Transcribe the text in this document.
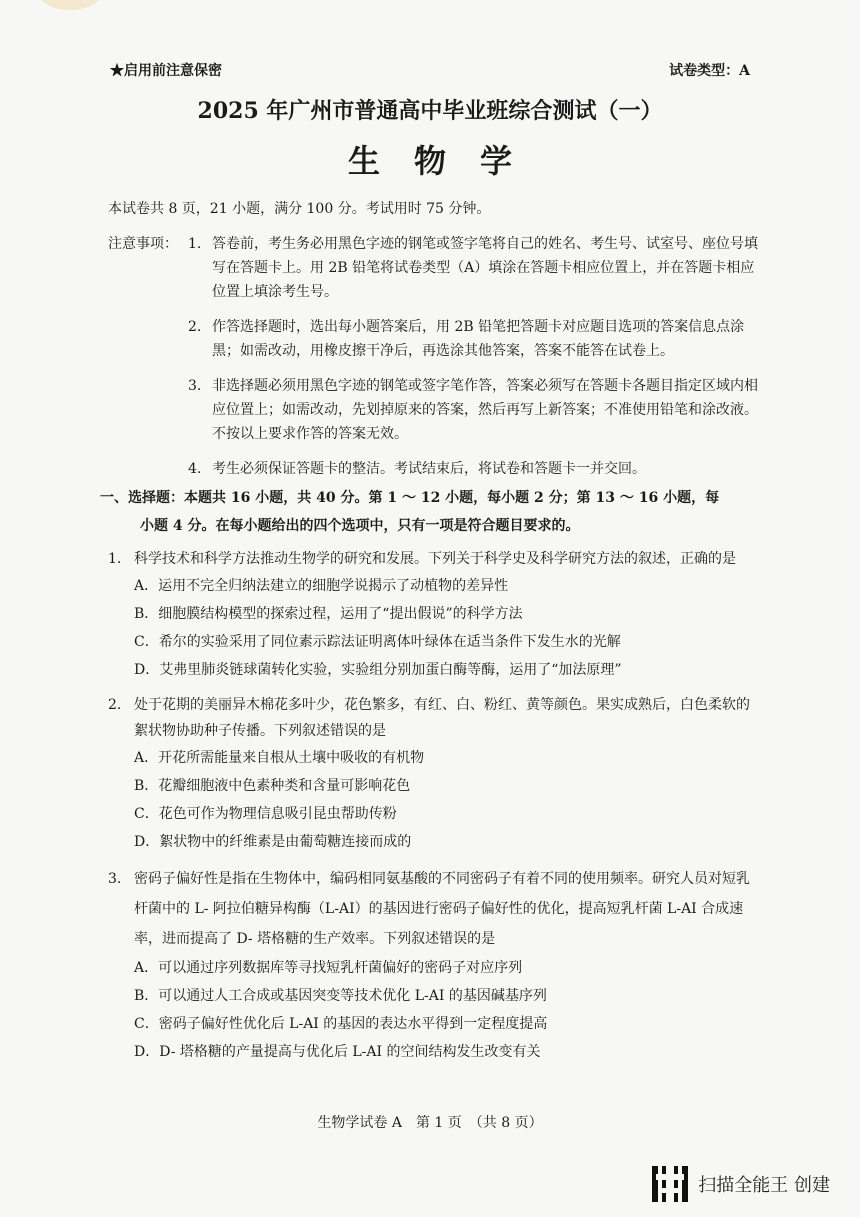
★启用前注意保密	试卷类型：A
2025 年广州市普通高中毕业班综合测试（一）
生物学
本试卷共 8 页，21 小题，满分 100 分。考试用时 75 分钟。
注意事项： 1. 答卷前，考生务必用黑色字迹的钢笔或签字笔将自己的姓名、考生号、试室号、座位号填写在答题卡上。用 2B 铅笔将试卷类型（A）填涂在答题卡相应位置上，并在答题卡相应位置上填涂考生号。
2. 作答选择题时，选出每小题答案后，用 2B 铅笔把答题卡对应题目选项的答案信息点涂黑；如需改动，用橡皮擦干净后，再选涂其他答案，答案不能答在试卷上。
3. 非选择题必须用黑色字迹的钢笔或签字笔作答，答案必须写在答题卡各题目指定区域内相应位置上；如需改动，先划掉原来的答案，然后再写上新答案；不准使用铅笔和涂改液。不按以上要求作答的答案无效。
4. 考生必须保证答题卡的整洁。考试结束后，将试卷和答题卡一并交回。
一、选择题：本题共 16 小题，共 40 分。第 1 ～ 12 小题，每小题 2 分；第 13 ～ 16 小题，每
小题 4 分。在每小题给出的四个选项中，只有一项是符合题目要求的。
1. 科学技术和科学方法推动生物学的研究和发展。下列关于科学史及科学研究方法的叙述，正确的是
A．运用不完全归纳法建立的细胞学说揭示了动植物的差异性
B．细胞膜结构模型的探索过程，运用了“提出假说”的科学方法
C．希尔的实验采用了同位素示踪法证明离体叶绿体在适当条件下发生水的光解
D．艾弗里肺炎链球菌转化实验，实验组分别加蛋白酶等酶，运用了“加法原理”
2. 处于花期的美丽异木棉花多叶少，花色繁多，有红、白、粉红、黄等颜色。果实成熟后，白色柔软的絮状物协助种子传播。下列叙述错误的是
A．开花所需能量来自根从土壤中吸收的有机物
B．花瓣细胞液中色素种类和含量可影响花色
C．花色可作为物理信息吸引昆虫帮助传粉
D．絮状物中的纤维素是由葡萄糖连接而成的
3. 密码子偏好性是指在生物体中，编码相同氨基酸的不同密码子有着不同的使用频率。研究人员对短乳杆菌中的 L- 阿拉伯糖异构酶（L-AI）的基因进行密码子偏好性的优化，提高短乳杆菌 L-AI 合成速率，进而提高了 D- 塔格糖的生产效率。下列叙述错误的是
A．可以通过序列数据库等寻找短乳杆菌偏好的密码子对应序列
B．可以通过人工合成或基因突变等技术优化 L-AI 的基因碱基序列
C．密码子偏好性优化后 L-AI 的基因的表达水平得到一定程度提高
D．D- 塔格糖的产量提高与优化后 L-AI 的空间结构发生改变有关
生物学试卷 A　第 1 页　（共 8 页）
扫描全能王 创建
